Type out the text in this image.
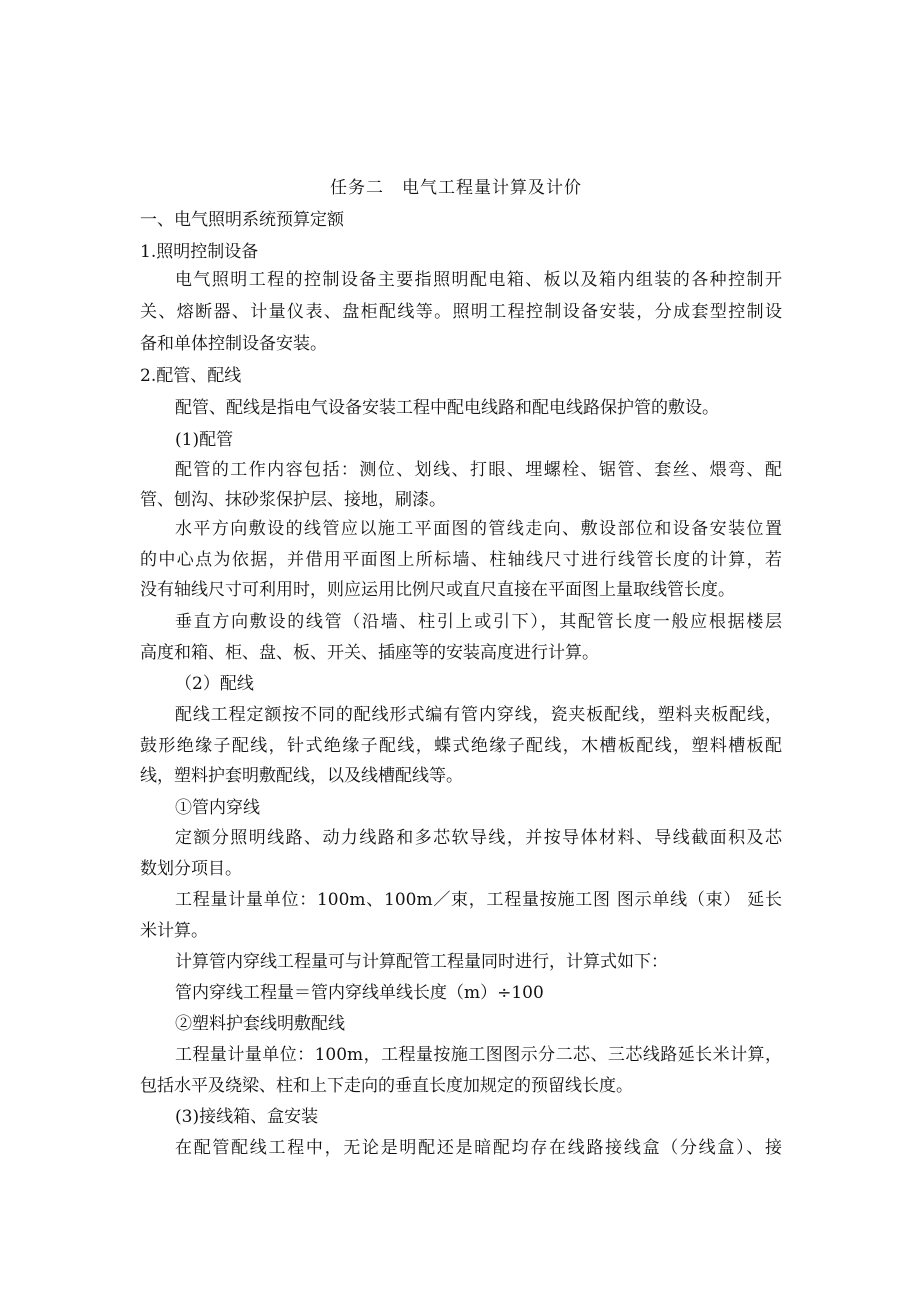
任务二　电气工程量计算及计价
一、电气照明系统预算定额
1.照明控制设备
电气照明工程的控制设备主要指照明配电箱、板以及箱内组装的各种控制开
关、熔断器、计量仪表、盘柜配线等。照明工程控制设备安装，分成套型控制设
备和单体控制设备安装。
2.配管、配线
配管、配线是指电气设备安装工程中配电线路和配电线路保护管的敷设。
(1)配管
配管的工作内容包括：测位、划线、打眼、埋螺栓、锯管、套丝、煨弯、配
管、刨沟、抹砂浆保护层、接地，刷漆。
水平方向敷设的线管应以施工平面图的管线走向、敷设部位和设备安装位置
的中心点为依据，并借用平面图上所标墙、柱轴线尺寸进行线管长度的计算，若
没有轴线尺寸可利用时，则应运用比例尺或直尺直接在平面图上量取线管长度。
垂直方向敷设的线管（沿墙、柱引上或引下），其配管长度一般应根据楼层
高度和箱、柜、盘、板、开关、插座等的安装高度进行计算。
（2）配线
配线工程定额按不同的配线形式编有管内穿线，瓷夹板配线，塑料夹板配线，
鼓形绝缘子配线，针式绝缘子配线，蝶式绝缘子配线，木槽板配线，塑料槽板配
线，塑料护套明敷配线，以及线槽配线等。
①管内穿线
定额分照明线路、动力线路和多芯软导线，并按导体材料、导线截面积及芯
数划分项目。
工程量计量单位：100m、100m／束，工程量按施工图 图示单线（束） 延长
米计算。
计算管内穿线工程量可与计算配管工程量同时进行，计算式如下：
管内穿线工程量＝管内穿线单线长度（m）÷100
②塑料护套线明敷配线
工程量计量单位：100m，工程量按施工图图示分二芯、三芯线路延长米计算，
包括水平及绕梁、柱和上下走向的垂直长度加规定的预留线长度。
(3)接线箱、盒安装
在配管配线工程中，无论是明配还是暗配均存在线路接线盒（分线盒）、接
